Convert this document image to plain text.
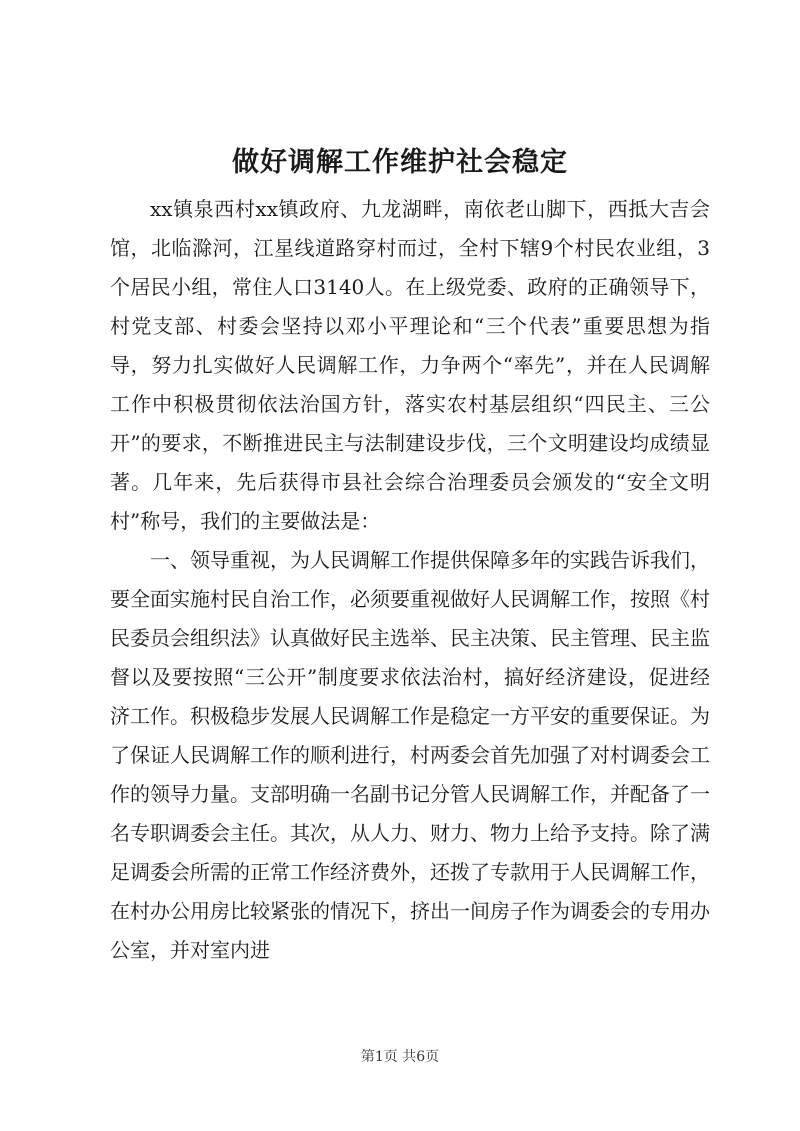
做好调解工作维护社会稳定

xx镇泉西村xx镇政府、九龙湖畔，南依老山脚下，西抵大吉会馆，北临滁河，江星线道路穿村而过，全村下辖9个村民农业组，3个居民小组，常住人口3140人。在上级党委、政府的正确领导下，村党支部、村委会坚持以邓小平理论和“三个代表”重要思想为指导，努力扎实做好人民调解工作，力争两个“率先”，并在人民调解工作中积极贯彻依法治国方针，落实农村基层组织“四民主、三公开”的要求，不断推进民主与法制建设步伐，三个文明建设均成绩显著。几年来，先后获得市县社会综合治理委员会颁发的“安全文明村”称号，我们的主要做法是：

一、领导重视，为人民调解工作提供保障多年的实践告诉我们，要全面实施村民自治工作，必须要重视做好人民调解工作，按照《村民委员会组织法》认真做好民主选举、民主决策、民主管理、民主监督以及要按照“三公开”制度要求依法治村，搞好经济建设，促进经济工作。积极稳步发展人民调解工作是稳定一方平安的重要保证。为了保证人民调解工作的顺利进行，村两委会首先加强了对村调委会工作的领导力量。支部明确一名副书记分管人民调解工作，并配备了一名专职调委会主任。其次，从人力、财力、物力上给予支持。除了满足调委会所需的正常工作经济费外，还拨了专款用于人民调解工作，在村办公用房比较紧张的情况下，挤出一间房子作为调委会的专用办公室，并对室内进

第1页 共6页
